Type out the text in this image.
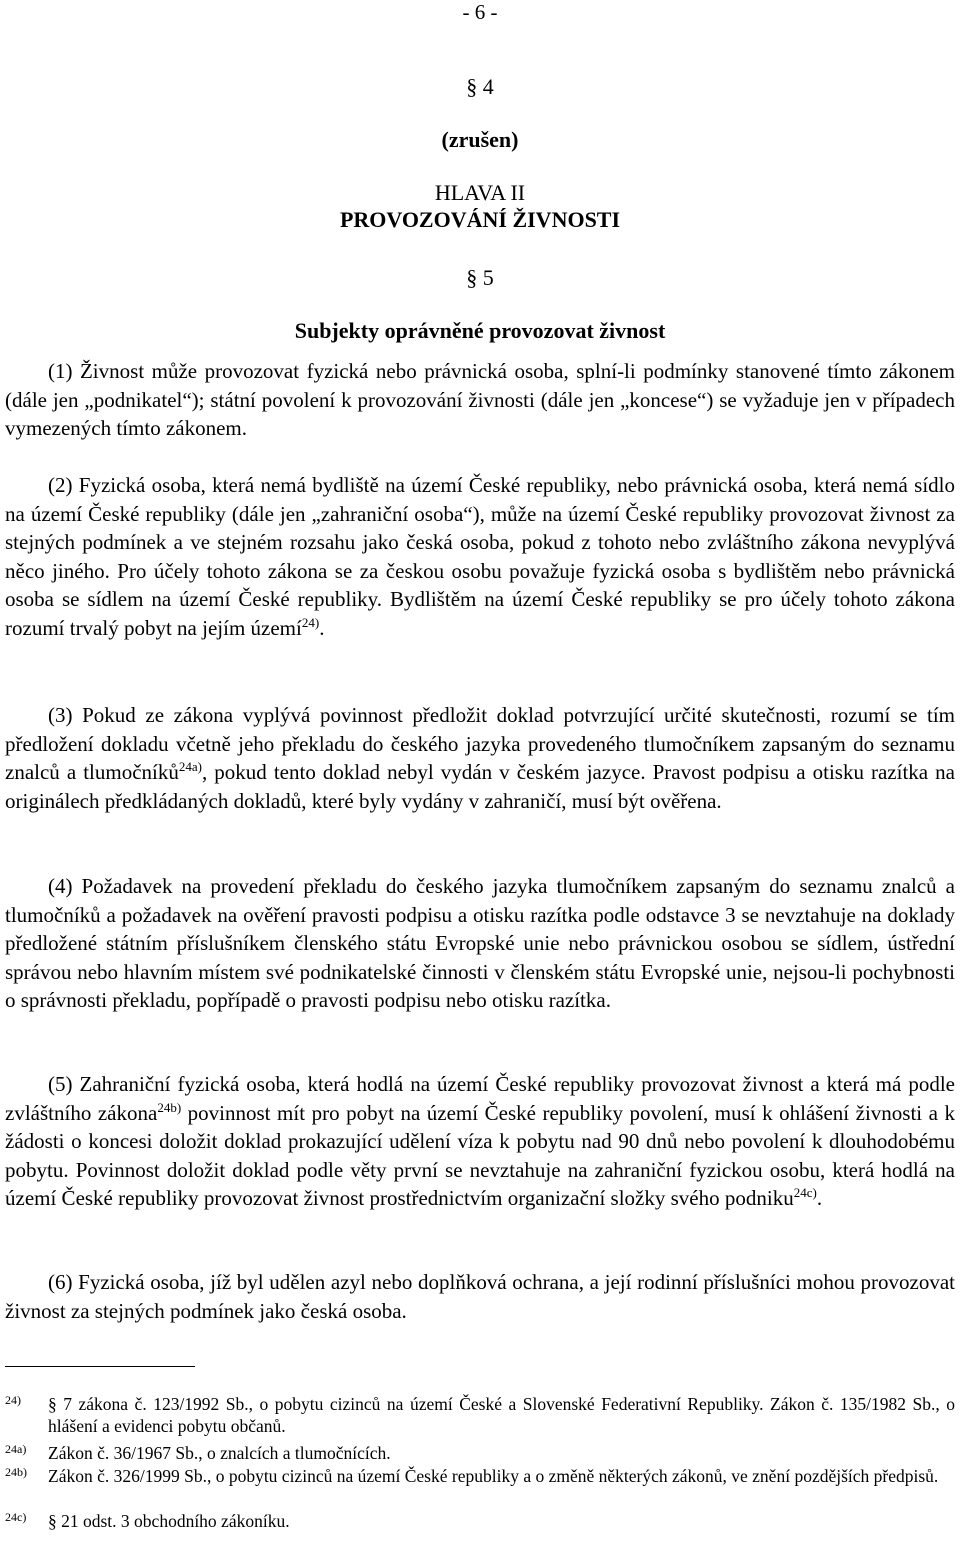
- 6 -
§ 4
(zrušen)
HLAVA II
PROVOZOVÁNÍ ŽIVNOSTI
§ 5
Subjekty oprávněné provozovat živnost
(1) Živnost může provozovat fyzická nebo právnická osoba, splní-li podmínky stanovené tímto zákonem (dále jen „podnikatel“); státní povolení k provozování živnosti (dále jen „koncese“) se vyžaduje jen v případech vymezených tímto zákonem.
(2) Fyzická osoba, která nemá bydliště na území České republiky, nebo právnická osoba, která nemá sídlo na území České republiky (dále jen „zahraniční osoba“), může na území České republiky provozovat živnost za stejných podmínek a ve stejném rozsahu jako česká osoba, pokud z tohoto nebo zvláštního zákona nevyplývá něco jiného. Pro účely tohoto zákona se za českou osobu považuje fyzická osoba s bydlištěm nebo právnická osoba se sídlem na území České republiky. Bydlištěm na území České republiky se pro účely tohoto zákona rozumí trvalý pobyt na jejím území$^{24)}$.
(3) Pokud ze zákona vyplývá povinnost předložit doklad potvrzující určité skutečnosti, rozumí se tím předložení dokladu včetně jeho překladu do českého jazyka provedeného tlumočníkem zapsaným do seznamu znalců a tlumočníků$^{24a)}$, pokud tento doklad nebyl vydán v českém jazyce. Pravost podpisu a otisku razítka na originálech předkládaných dokladů, které byly vydány v zahraničí, musí být ověřena.
(4) Požadavek na provedení překladu do českého jazyka tlumočníkem zapsaným do seznamu znalců a tlumočníků a požadavek na ověření pravosti podpisu a otisku razítka podle odstavce 3 se nevztahuje na doklady předložené státním příslušníkem členského státu Evropské unie nebo právnickou osobou se sídlem, ústřední správou nebo hlavním místem své podnikatelské činnosti v členském státu Evropské unie, nejsou-li pochybnosti o správnosti překladu, popřípadě o pravosti podpisu nebo otisku razítka.
(5) Zahraniční fyzická osoba, která hodlá na území České republiky provozovat živnost a která má podle zvláštního zákona$^{24b)}$ povinnost mít pro pobyt na území České republiky povolení, musí k ohlášení živnosti a k žádosti o koncesi doložit doklad prokazující udělení víza k pobytu nad 90 dnů nebo povolení k dlouhodobému pobytu. Povinnost doložit doklad podle věty první se nevztahuje na zahraniční fyzickou osobu, která hodlá na území České republiky provozovat živnost prostřednictvím organizační složky svého podniku$^{24c)}$.
(6) Fyzická osoba, jíž byl udělen azyl nebo doplňková ochrana, a její rodinní příslušníci mohou provozovat živnost za stejných podmínek jako česká osoba.
24) § 7 zákona č. 123/1992 Sb., o pobytu cizinců na území České a Slovenské Federativní Republiky. Zákon č. 135/1982 Sb., o hlášení a evidenci pobytu občanů.
24a) Zákon č. 36/1967 Sb., o znalcích a tlumočnících.
24b) Zákon č. 326/1999 Sb., o pobytu cizinců na území České republiky a o změně některých zákonů, ve znění pozdějších předpisů.
24c) § 21 odst. 3 obchodního zákoníku.
